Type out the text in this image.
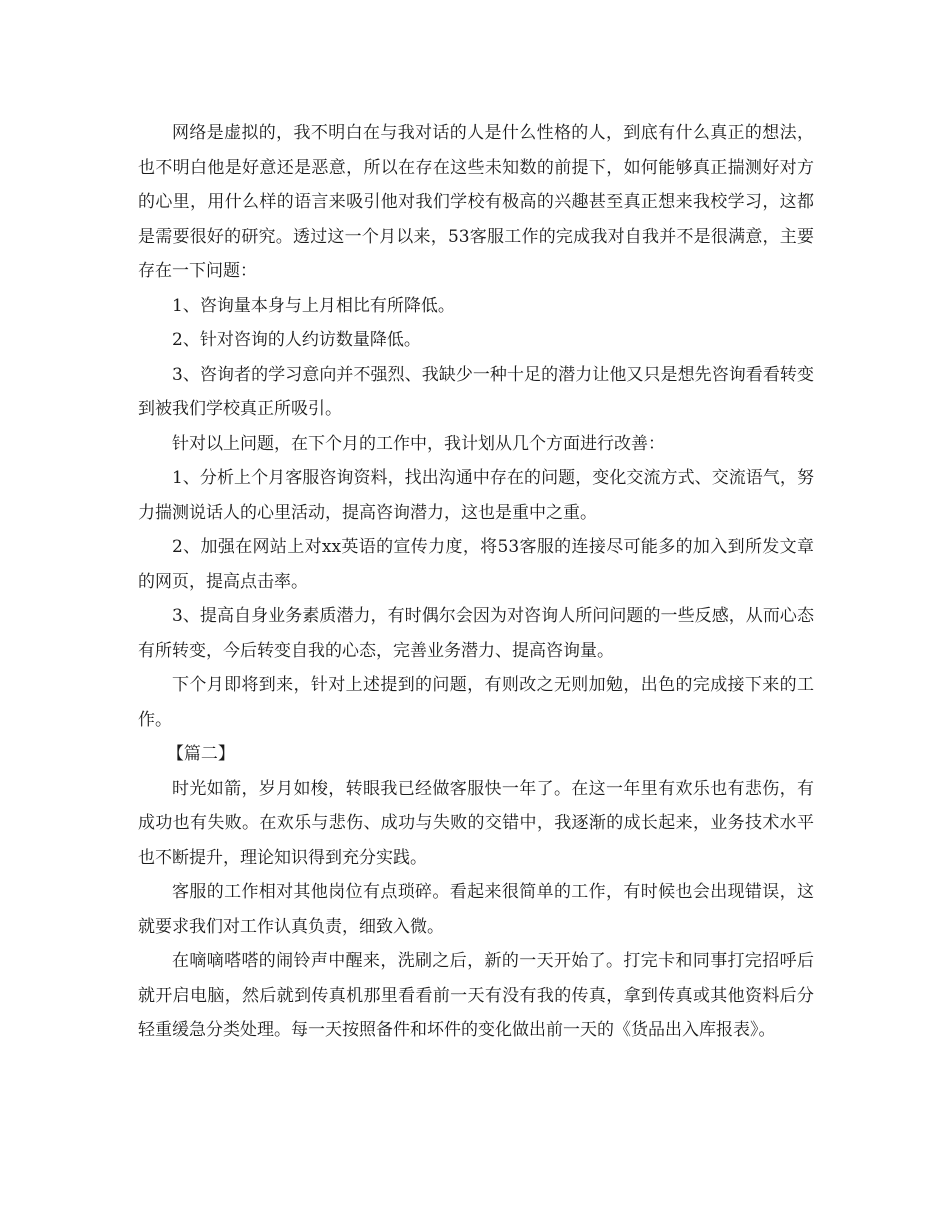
网络是虚拟的，我不明白在与我对话的人是什么性格的人，到底有什么真正的想法，也不明白他是好意还是恶意，所以在存在这些未知数的前提下，如何能够真正揣测好对方的心里，用什么样的语言来吸引他对我们学校有极高的兴趣甚至真正想来我校学习，这都是需要很好的研究。透过这一个月以来，53客服工作的完成我对自我并不是很满意，主要存在一下问题：

1、咨询量本身与上月相比有所降低。

2、针对咨询的人约访数量降低。

3、咨询者的学习意向并不强烈、我缺少一种十足的潜力让他又只是想先咨询看看转变到被我们学校真正所吸引。

针对以上问题，在下个月的工作中，我计划从几个方面进行改善：

1、分析上个月客服咨询资料，找出沟通中存在的问题，变化交流方式、交流语气，努力揣测说话人的心里活动，提高咨询潜力，这也是重中之重。

2、加强在网站上对xx英语的宣传力度，将53客服的连接尽可能多的加入到所发文章的网页，提高点击率。

3、提高自身业务素质潜力，有时偶尔会因为对咨询人所问问题的一些反感，从而心态有所转变，今后转变自我的心态，完善业务潜力、提高咨询量。

下个月即将到来，针对上述提到的问题，有则改之无则加勉，出色的完成接下来的工作。

【篇二】

时光如箭，岁月如梭，转眼我已经做客服快一年了。在这一年里有欢乐也有悲伤，有成功也有失败。在欢乐与悲伤、成功与失败的交错中，我逐渐的成长起来，业务技术水平也不断提升，理论知识得到充分实践。

客服的工作相对其他岗位有点琐碎。看起来很简单的工作，有时候也会出现错误，这就要求我们对工作认真负责，细致入微。

在嘀嘀嗒嗒的闹铃声中醒来，洗刷之后，新的一天开始了。打完卡和同事打完招呼后就开启电脑，然后就到传真机那里看看前一天有没有我的传真，拿到传真或其他资料后分轻重缓急分类处理。每一天按照备件和坏件的变化做出前一天的《货品出入库报表》。
